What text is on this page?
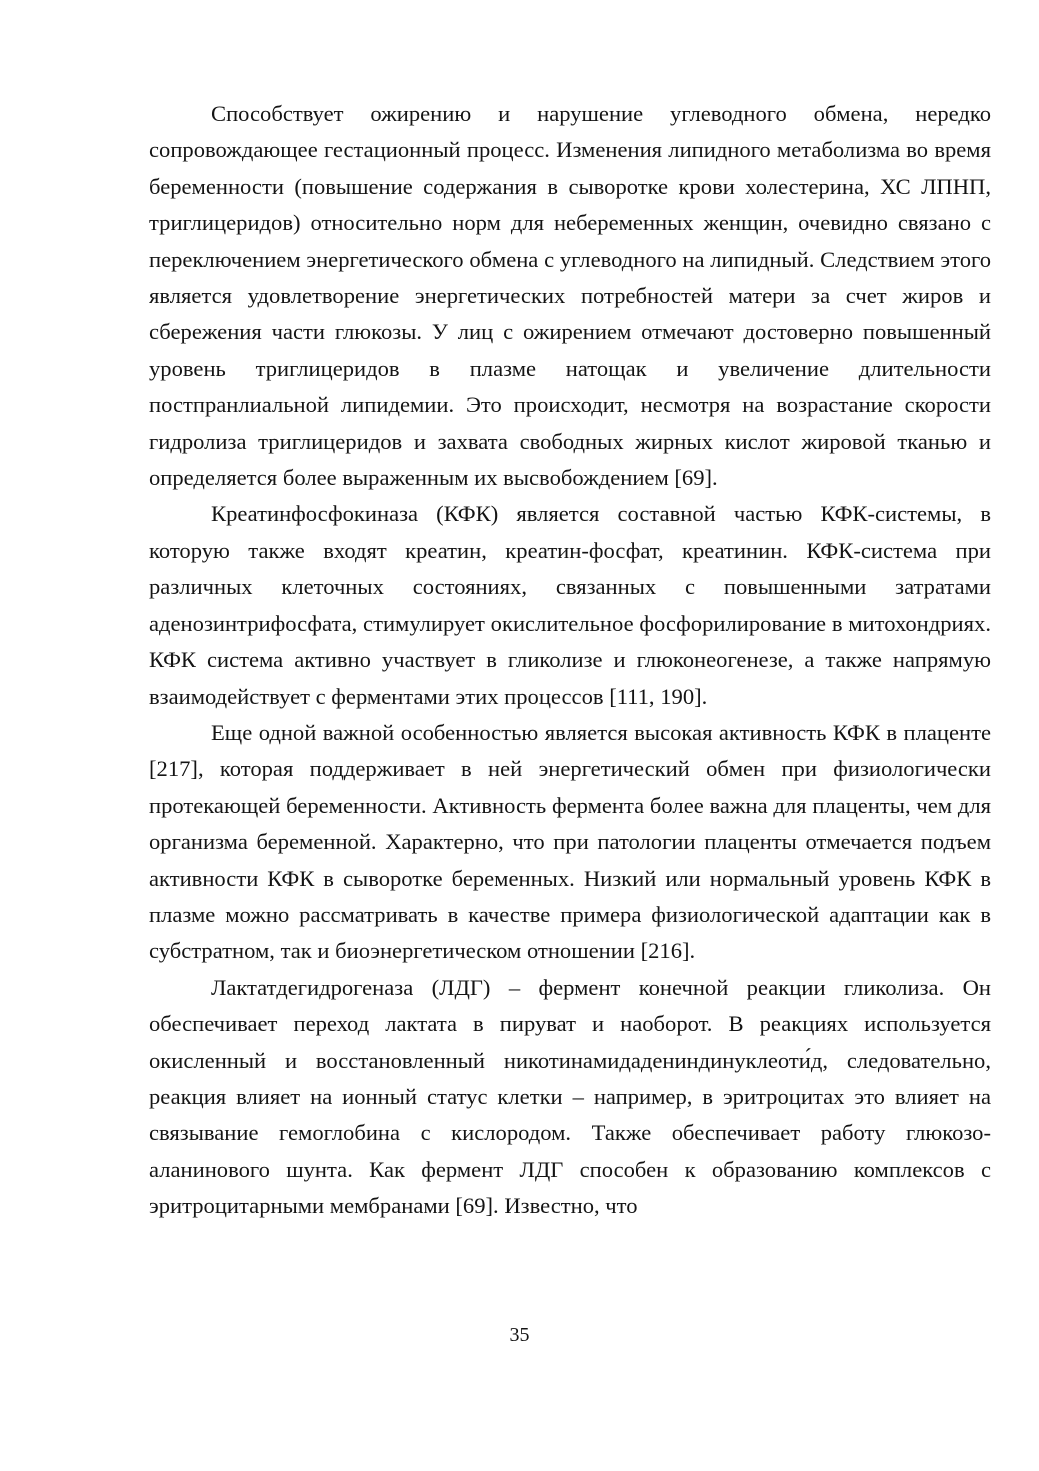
Способствует ожирению и нарушение углеводного обмена, нередко сопровождающее гестационный процесс. Изменения липидного метаболизма во время беременности (повышение содержания в сыворотке крови холестерина, ХС ЛПНП, триглицеридов) относительно норм для небеременных женщин, очевидно связано с переключением энергетического обмена с углеводного на липидный. Следствием этого является удовлетворение энергетических потребностей матери за счет жиров и сбережения части глюкозы. У лиц с ожирением отмечают достоверно повышенный уровень триглицеридов в плазме натощак и увеличение длительности постпранлиальной липидемии. Это происходит, несмотря на возрастание скорости гидролиза триглицеридов и захвата свободных жирных кислот жировой тканью и определяется более выраженным их высвобождением [69].

Креатинфосфокиназа (КФК) является составной частью КФК-системы, в которую также входят креатин, креатин-фосфат, креатинин. КФК-система при различных клеточных состояниях, связанных с повышенными затратами аденозинтрифосфата, стимулирует окислительное фосфорилирование в митохондриях. КФК система активно участвует в гликолизе и глюконеогенезе, а также напрямую взаимодействует с ферментами этих процессов [111, 190].

Еще одной важной особенностью является высокая активность КФК в плаценте [217], которая поддерживает в ней энергетический обмен при физиологически протекающей беременности. Активность фермента более важна для плаценты, чем для организма беременной. Характерно, что при патологии плаценты отмечается подъем активности КФК в сыворотке беременных. Низкий или нормальный уровень КФК в плазме можно рассматривать в качестве примера физиологической адаптации как в субстратном, так и биоэнергетическом отношении [216].

Лактатдегидрогеназа (ЛДГ) – фермент конечной реакции гликолиза. Он обеспечивает переход лактата в пируват и наоборот. В реакциях используется окисленный и восстановленный никотинамидадениндинуклеоти́д, следовательно, реакция влияет на ионный статус клетки – например, в эритроцитах это влияет на связывание гемоглобина с кислородом. Также обеспечивает работу глюкозо-аланинового шунта. Как фермент ЛДГ способен к образованию комплексов с эритроцитарными мембранами [69]. Известно, что

35
